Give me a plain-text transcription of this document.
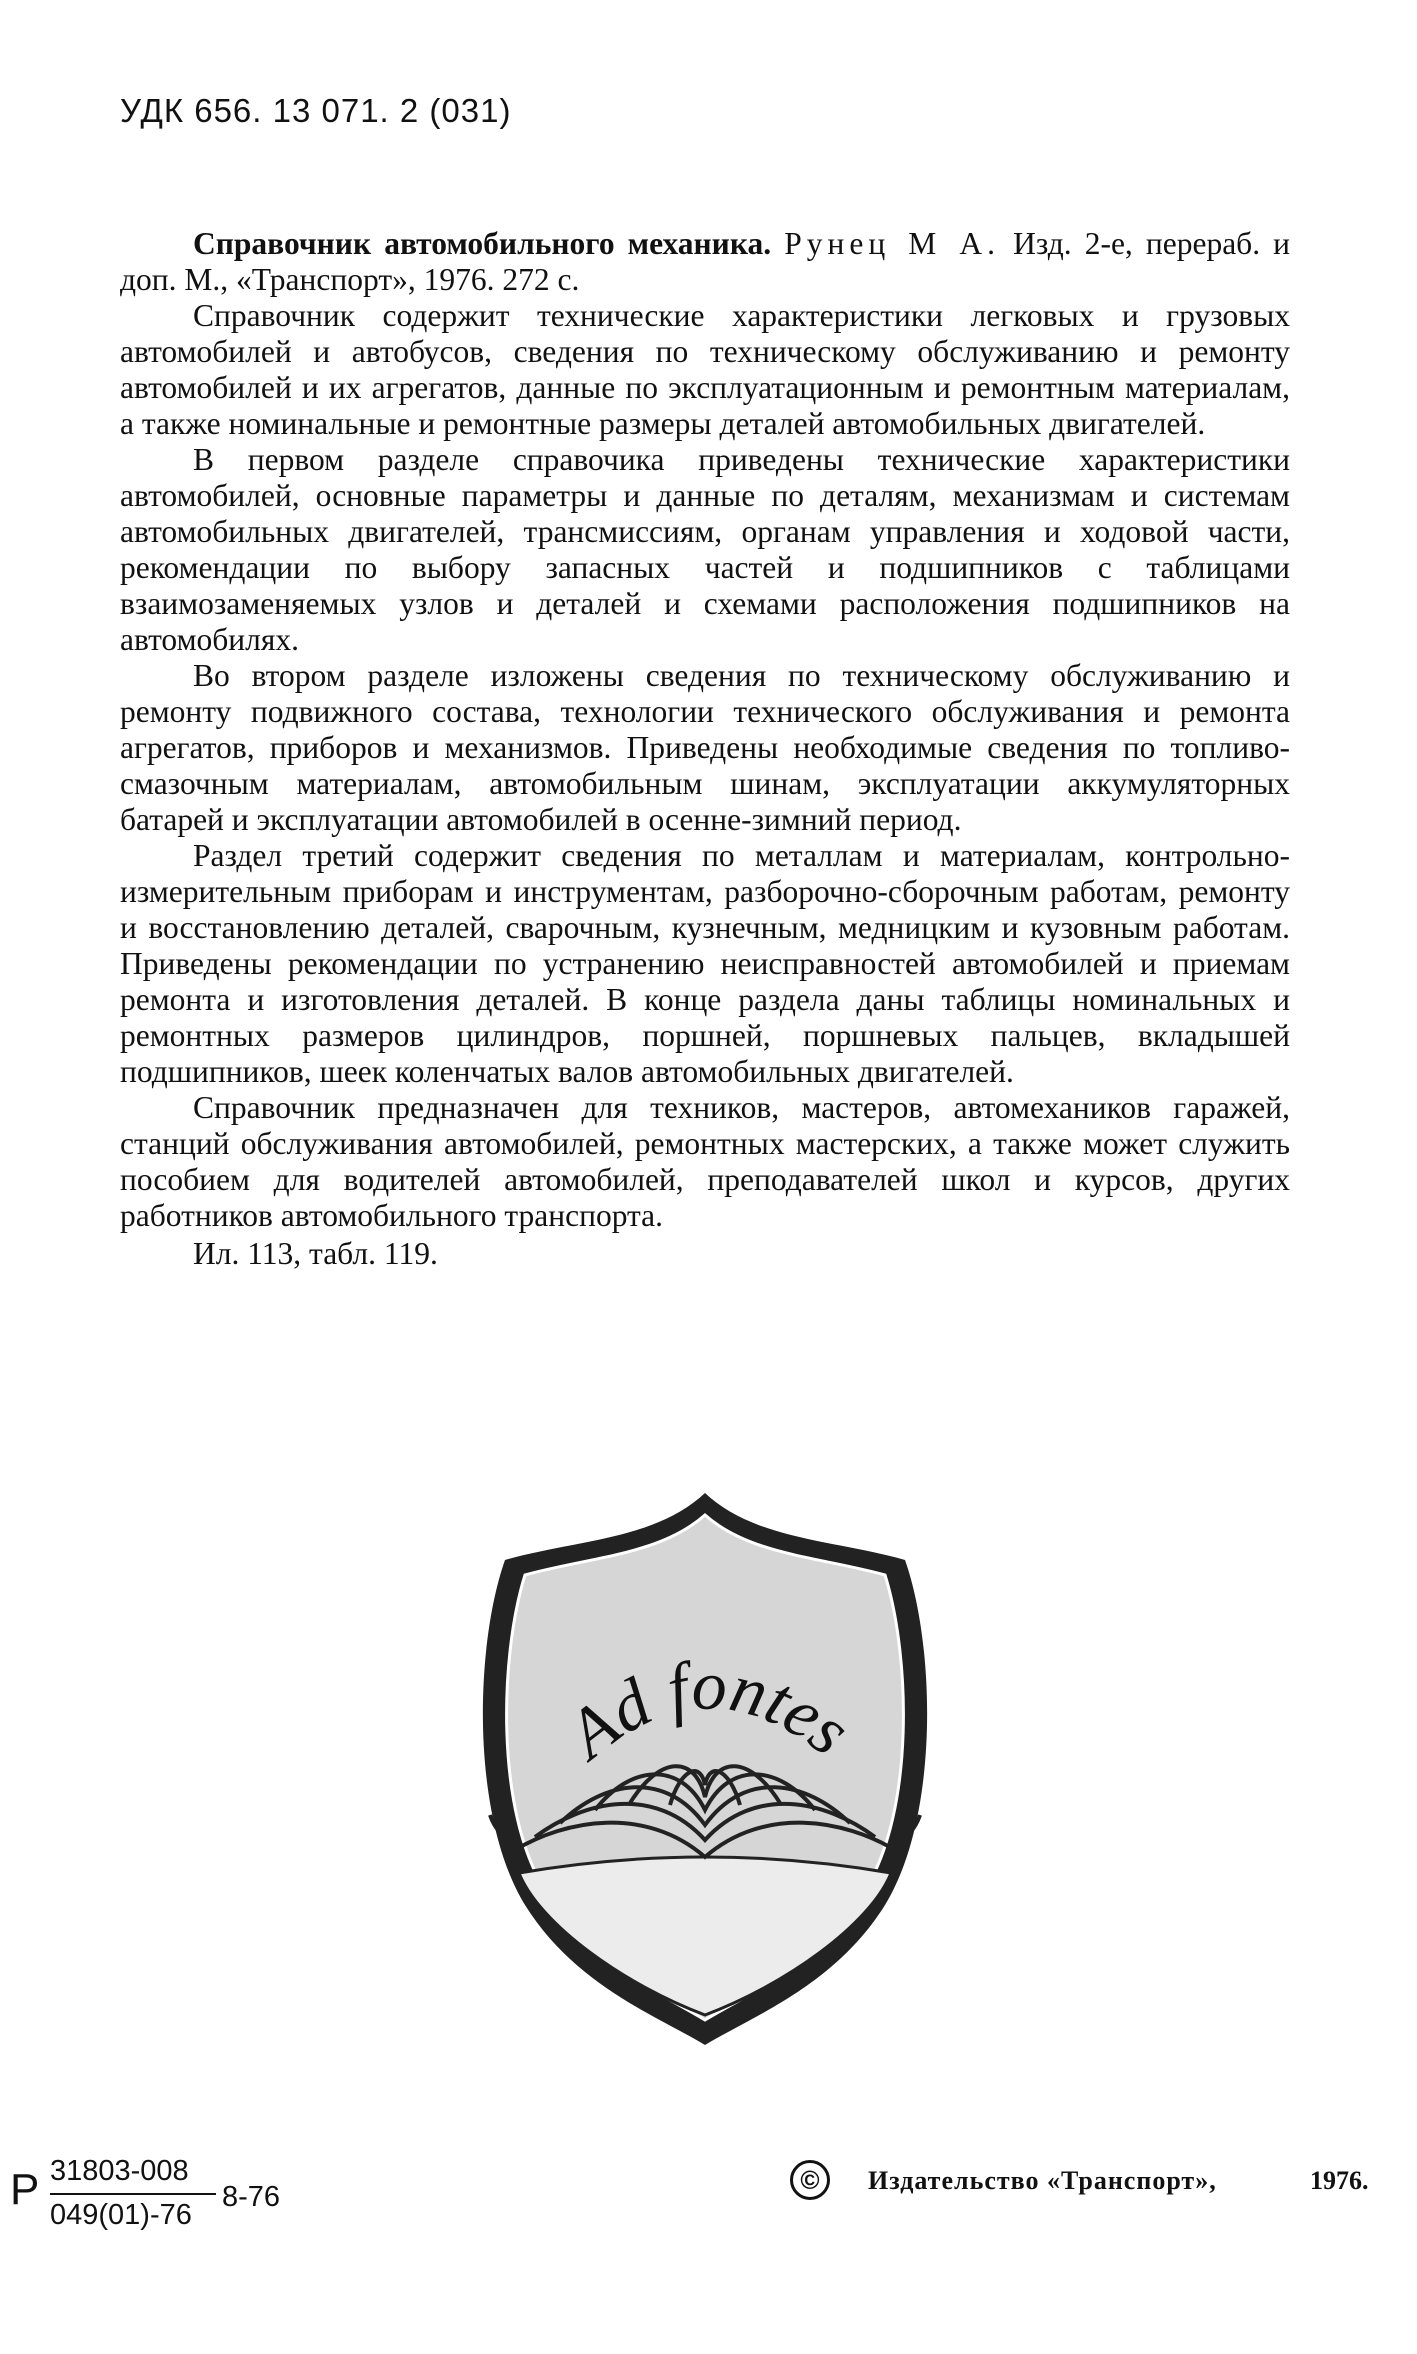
УДК 656. 13 071. 2 (031)

Справочник автомобильного механика. Рунец М А. Изд. 2-е, перераб. и доп. М., «Транспорт», 1976. 272 с.

Справочник содержит технические характеристики легковых и грузовых автомобилей и автобусов, сведения по техническому обслуживанию и ремонту автомобилей и их агрегатов, данные по эксплуатационным и ремонтным материалам, а также номинальные и ремонтные размеры деталей автомобильных двигателей.

В первом разделе справочика приведены технические характеристики автомобилей, основные параметры и данные по деталям, механизмам и системам автомобильных двигателей, трансмиссиям, органам управления и ходовой части, рекомендации по выбору запасных частей и подшипников с таблицами взаимозаменяемых узлов и деталей и схемами расположения подшипников на автомобилях.

Во втором разделе изложены сведения по техническому обслуживанию и ремонту подвижного состава, технологии технического обслуживания и ремонта агрегатов, приборов и механизмов. Приведены необходимые сведения по топливо-смазочным материалам, автомобильным шинам, эксплуатации аккумуляторных батарей и эксплуатации автомобилей в осенне-зимний период.

Раздел третий содержит сведения по металлам и материалам, контрольно-измерительным приборам и инструментам, разборочно-сборочным работам, ремонту и восстановлению деталей, сварочным, кузнечным, медницким и кузовным работам. Приведены рекомендации по устранению неисправностей автомобилей и приемам ремонта и изготовления деталей. В конце раздела даны таблицы номинальных и ремонтных размеров цилиндров, поршней, поршневых пальцев, вкладышей подшипников, шеек коленчатых валов автомобильных двигателей.

Справочник предназначен для техников, мастеров, автомехаников гаражей, станций обслуживания автомобилей, ремонтных мастерских, а также может служить пособием для водителей автомобилей, преподавателей школ и курсов, других работников автомобильного транспорта.

Ил. 113, табл. 119.

Ad fontes
Р 31803-008
049(01)-76
8-76
©	Издательство «Транспорт»,	1976.
